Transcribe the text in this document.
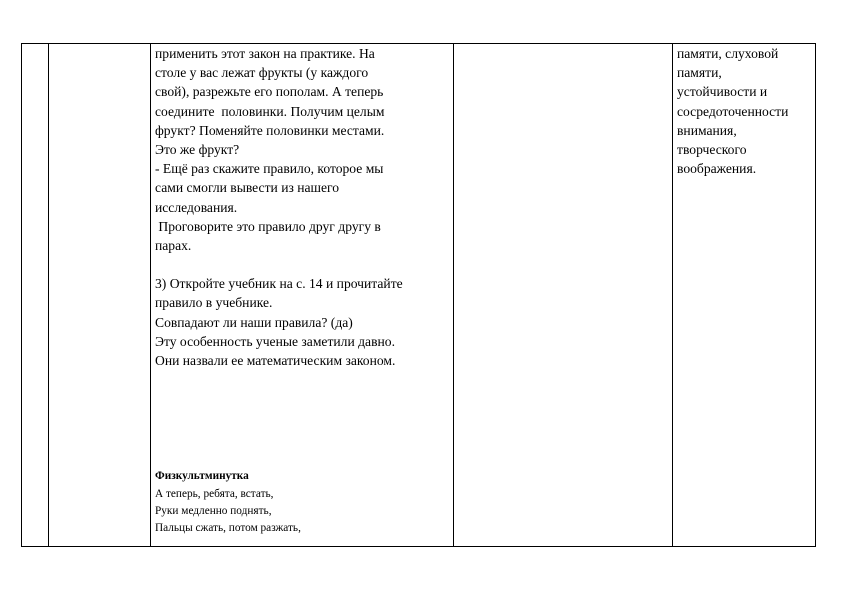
применить этот закон на практике. На
столе у вас лежат фрукты (у каждого
свой), разрежьте его пополам. А теперь
соедините  половинки. Получим целым
фрукт? Поменяйте половинки местами.
Это же фрукт?
- Ещё раз скажите правило, которое мы
сами смогли вывести из нашего
исследования.
Проговорите это правило друг другу в
парах.
3) Откройте учебник на с. 14 и прочитайте
правило в учебнике.
Совпадают ли наши правила? (да)
Эту особенность ученые заметили давно.
Они назвали ее математическим законом.
Физкультминутка
А теперь, ребята, встать,
Руки медленно поднять,
Пальцы сжать, потом разжать,
памяти, слуховой
памяти,
устойчивости и
сосредоточенности
внимания,
творческого
воображения.
